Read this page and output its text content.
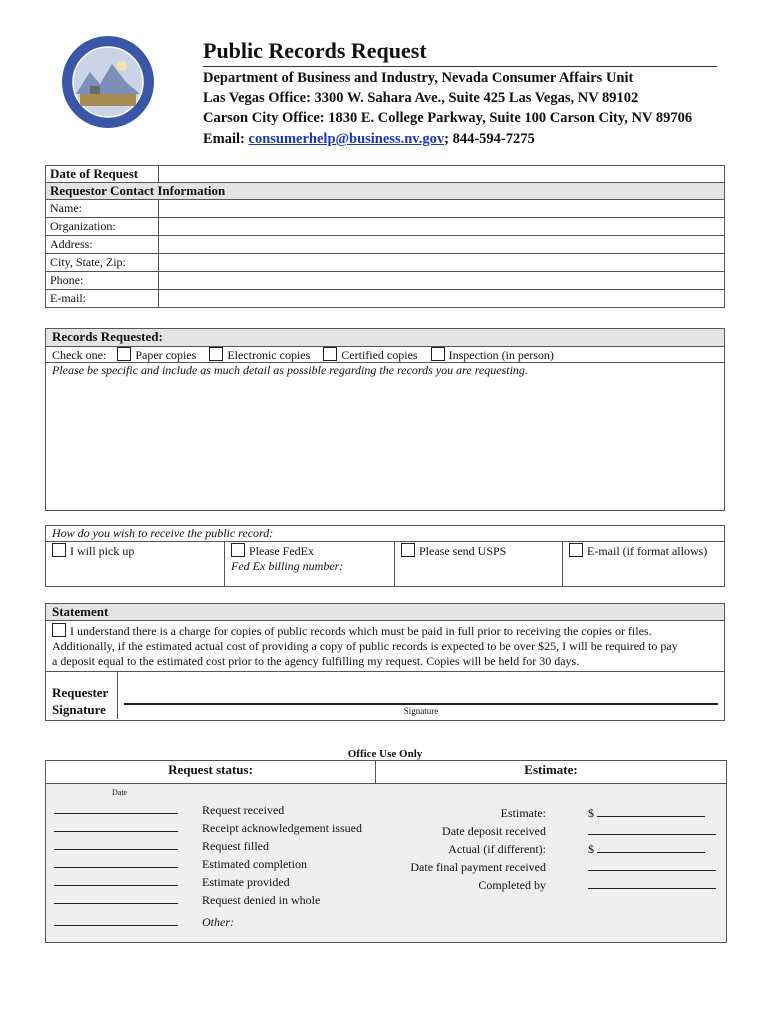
Public Records Request
Department of Business and Industry, Nevada Consumer Affairs Unit
Las Vegas Office: 3300 W. Sahara Ave., Suite 425 Las Vegas, NV 89102
Carson City Office: 1830 E. College Parkway, Suite 100 Carson City, NV 89706
Email: consumerhelp@business.nv.gov; 844-594-7275
Date of Request	
Requestor Contact Information	
Name:	
Organization:	
Address:	
City, State, Zip:	
Phone:	
E-mail:	
Records Requested:
Check one: Paper copies	Electronic copies	Certified copies	Inspection (in person)
Please be specific and include as much detail as possible regarding the records you are requesting.
How do you wish to receive the public record:
I will pick up	Please FedEx
Fed Ex billing number:
Please send USPS	E-mail (if format allows)
Statement
I understand there is a charge for copies of public records which must be paid in full prior to receiving the copies or files.
Additionally, if the estimated actual cost of providing a copy of public records is expected to be over $25, I will be required to pay
a deposit equal to the estimated cost prior to the agency fulfilling my request. Copies will be held for 30 days.
Requester
Signature	Signature
Office Use Only
Request status:	Estimate:
Date
Request received
Receipt acknowledgement issued
Request filled
Estimated completion
Estimate provided
Request denied in whole
Other:
Estimate:	$
Date deposit received
Actual (if different):	$
Date final payment received
Completed by
